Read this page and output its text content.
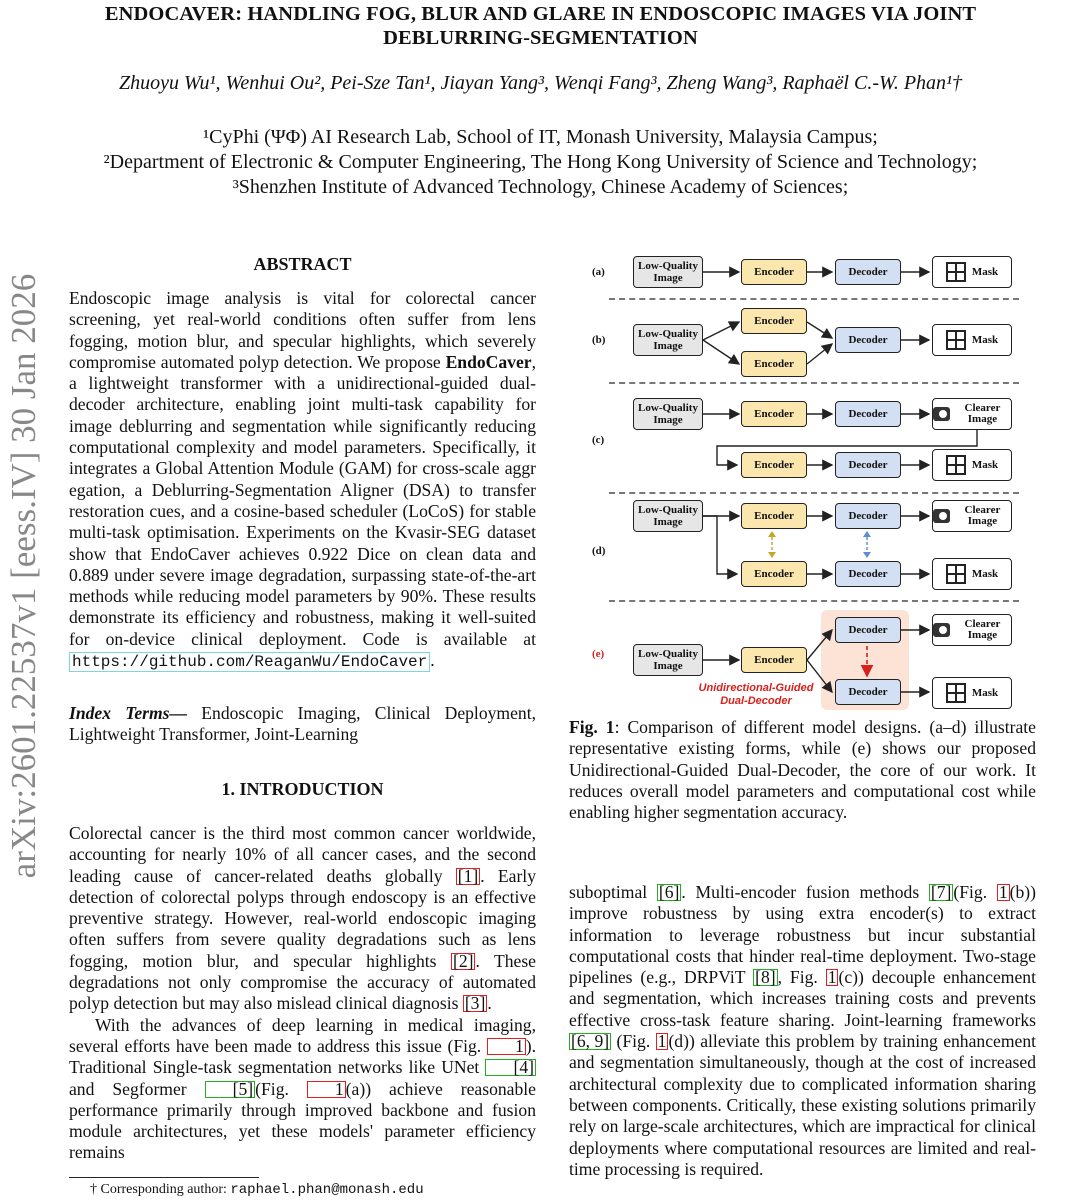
arXiv:2601.22537v1 [eess.IV] 30 Jan 2026
ENDOCAVER: HANDLING FOG, BLUR AND GLARE IN ENDOSCOPIC IMAGES VIA JOINT DEBLURRING-SEGMENTATION
Zhuoyu Wu¹, Wenhui Ou², Pei-Sze Tan¹, Jiayan Yang³, Wenqi Fang³, Zheng Wang³, Raphaël C.-W. Phan¹†
¹CyPhi (ΨΦ) AI Research Lab, School of IT, Monash University, Malaysia Campus;
²Department of Electronic & Computer Engineering, The Hong Kong University of Science and Technology;
³Shenzhen Institute of Advanced Technology, Chinese Academy of Sciences;
ABSTRACT
Endoscopic image analysis is vital for colorectal cancer screening, yet real-world conditions often suffer from lens fogging, motion blur, and specular highlights, which severely compromise automated polyp detection. We propose EndoCaver, a lightweight transformer with a unidirectional-guided dual-decoder architecture, enabling joint multi-task capability for image deblurring and segmentation while significantly reducing computational complexity and model parameters. Specifically, it integrates a Global Attention Module (GAM) for cross-scale aggr egation, a Deblurring-Segmentation Aligner (DSA) to transfer restoration cues, and a cosine-based scheduler (LoCoS) for stable multi-task optimisation. Experiments on the Kvasir-SEG dataset show that EndoCaver achieves 0.922 Dice on clean data and 0.889 under severe image degradation, surpassing state-of-the-art methods while reducing model parameters by 90%. These results demonstrate its efficiency and robustness, making it well-suited for on-device clinical deployment. Code is available at https://github.com/ReaganWu/EndoCaver .
Index Terms— Endoscopic Imaging, Clinical Deployment, Lightweight Transformer, Joint-Learning
1. INTRODUCTION
Colorectal cancer is the third most common cancer worldwide, accounting for nearly 10% of all cancer cases, and the second leading cause of cancer-related deaths globally [1] . Early detection of colorectal polyps through endoscopy is an effective preventive strategy. However, real-world endoscopic imaging often suffers from severe quality degradations such as lens fogging, motion blur, and specular highlights [2] . These degradations not only compromise the accuracy of automated polyp detection but may also mislead clinical diagnosis [3] .
With the advances of deep learning in medical imaging, several efforts have been made to address this issue (Fig. 1 ). Traditional Single-task segmentation networks like UNet [4] and Segformer [5] (Fig. 1 (a)) achieve reasonable performance primarily through improved backbone and fusion module architectures, yet these models' parameter efficiency remains
† Corresponding author: raphael.phan@monash.edu
(a)
(b)
(c)
(d)
(e)
Low-Quality Image	Encoder	Decoder	Mask
Low-Quality Image
Encoder
Encoder
Decoder	Mask
Low-Quality Image	Encoder	Decoder	Clearer Image
Encoder	Decoder	Mask
Low-Quality Image	Encoder	Decoder	Clearer Image
Encoder	Decoder	Mask
Low-Quality Image	Encoder
Decoder
Decoder
Clearer Image
Mask
Unidirectional-Guided Dual-Decoder
Fig. 1: Comparison of different model designs. (a–d) illustrate representative existing forms, while (e) shows our proposed Unidirectional-Guided Dual-Decoder, the core of our work. It reduces overall model parameters and computational cost while enabling higher segmentation accuracy.
suboptimal [6] . Multi-encoder fusion methods [7] (Fig. 1 (b)) improve robustness by using extra encoder(s) to extract information to leverage robustness but incur substantial computational costs that hinder real-time deployment. Two-stage pipelines (e.g., DRPViT [8] , Fig. 1 (c)) decouple enhancement and segmentation, which increases training costs and prevents effective cross-task feature sharing. Joint-learning frameworks [6, 9] (Fig. 1 (d)) alleviate this problem by training enhancement and segmentation simultaneously, though at the cost of increased architectural complexity due to complicated information sharing between components. Critically, these existing solutions primarily rely on large-scale architectures, which are impractical for clinical deployments where computational resources are limited and real-time processing is required.
